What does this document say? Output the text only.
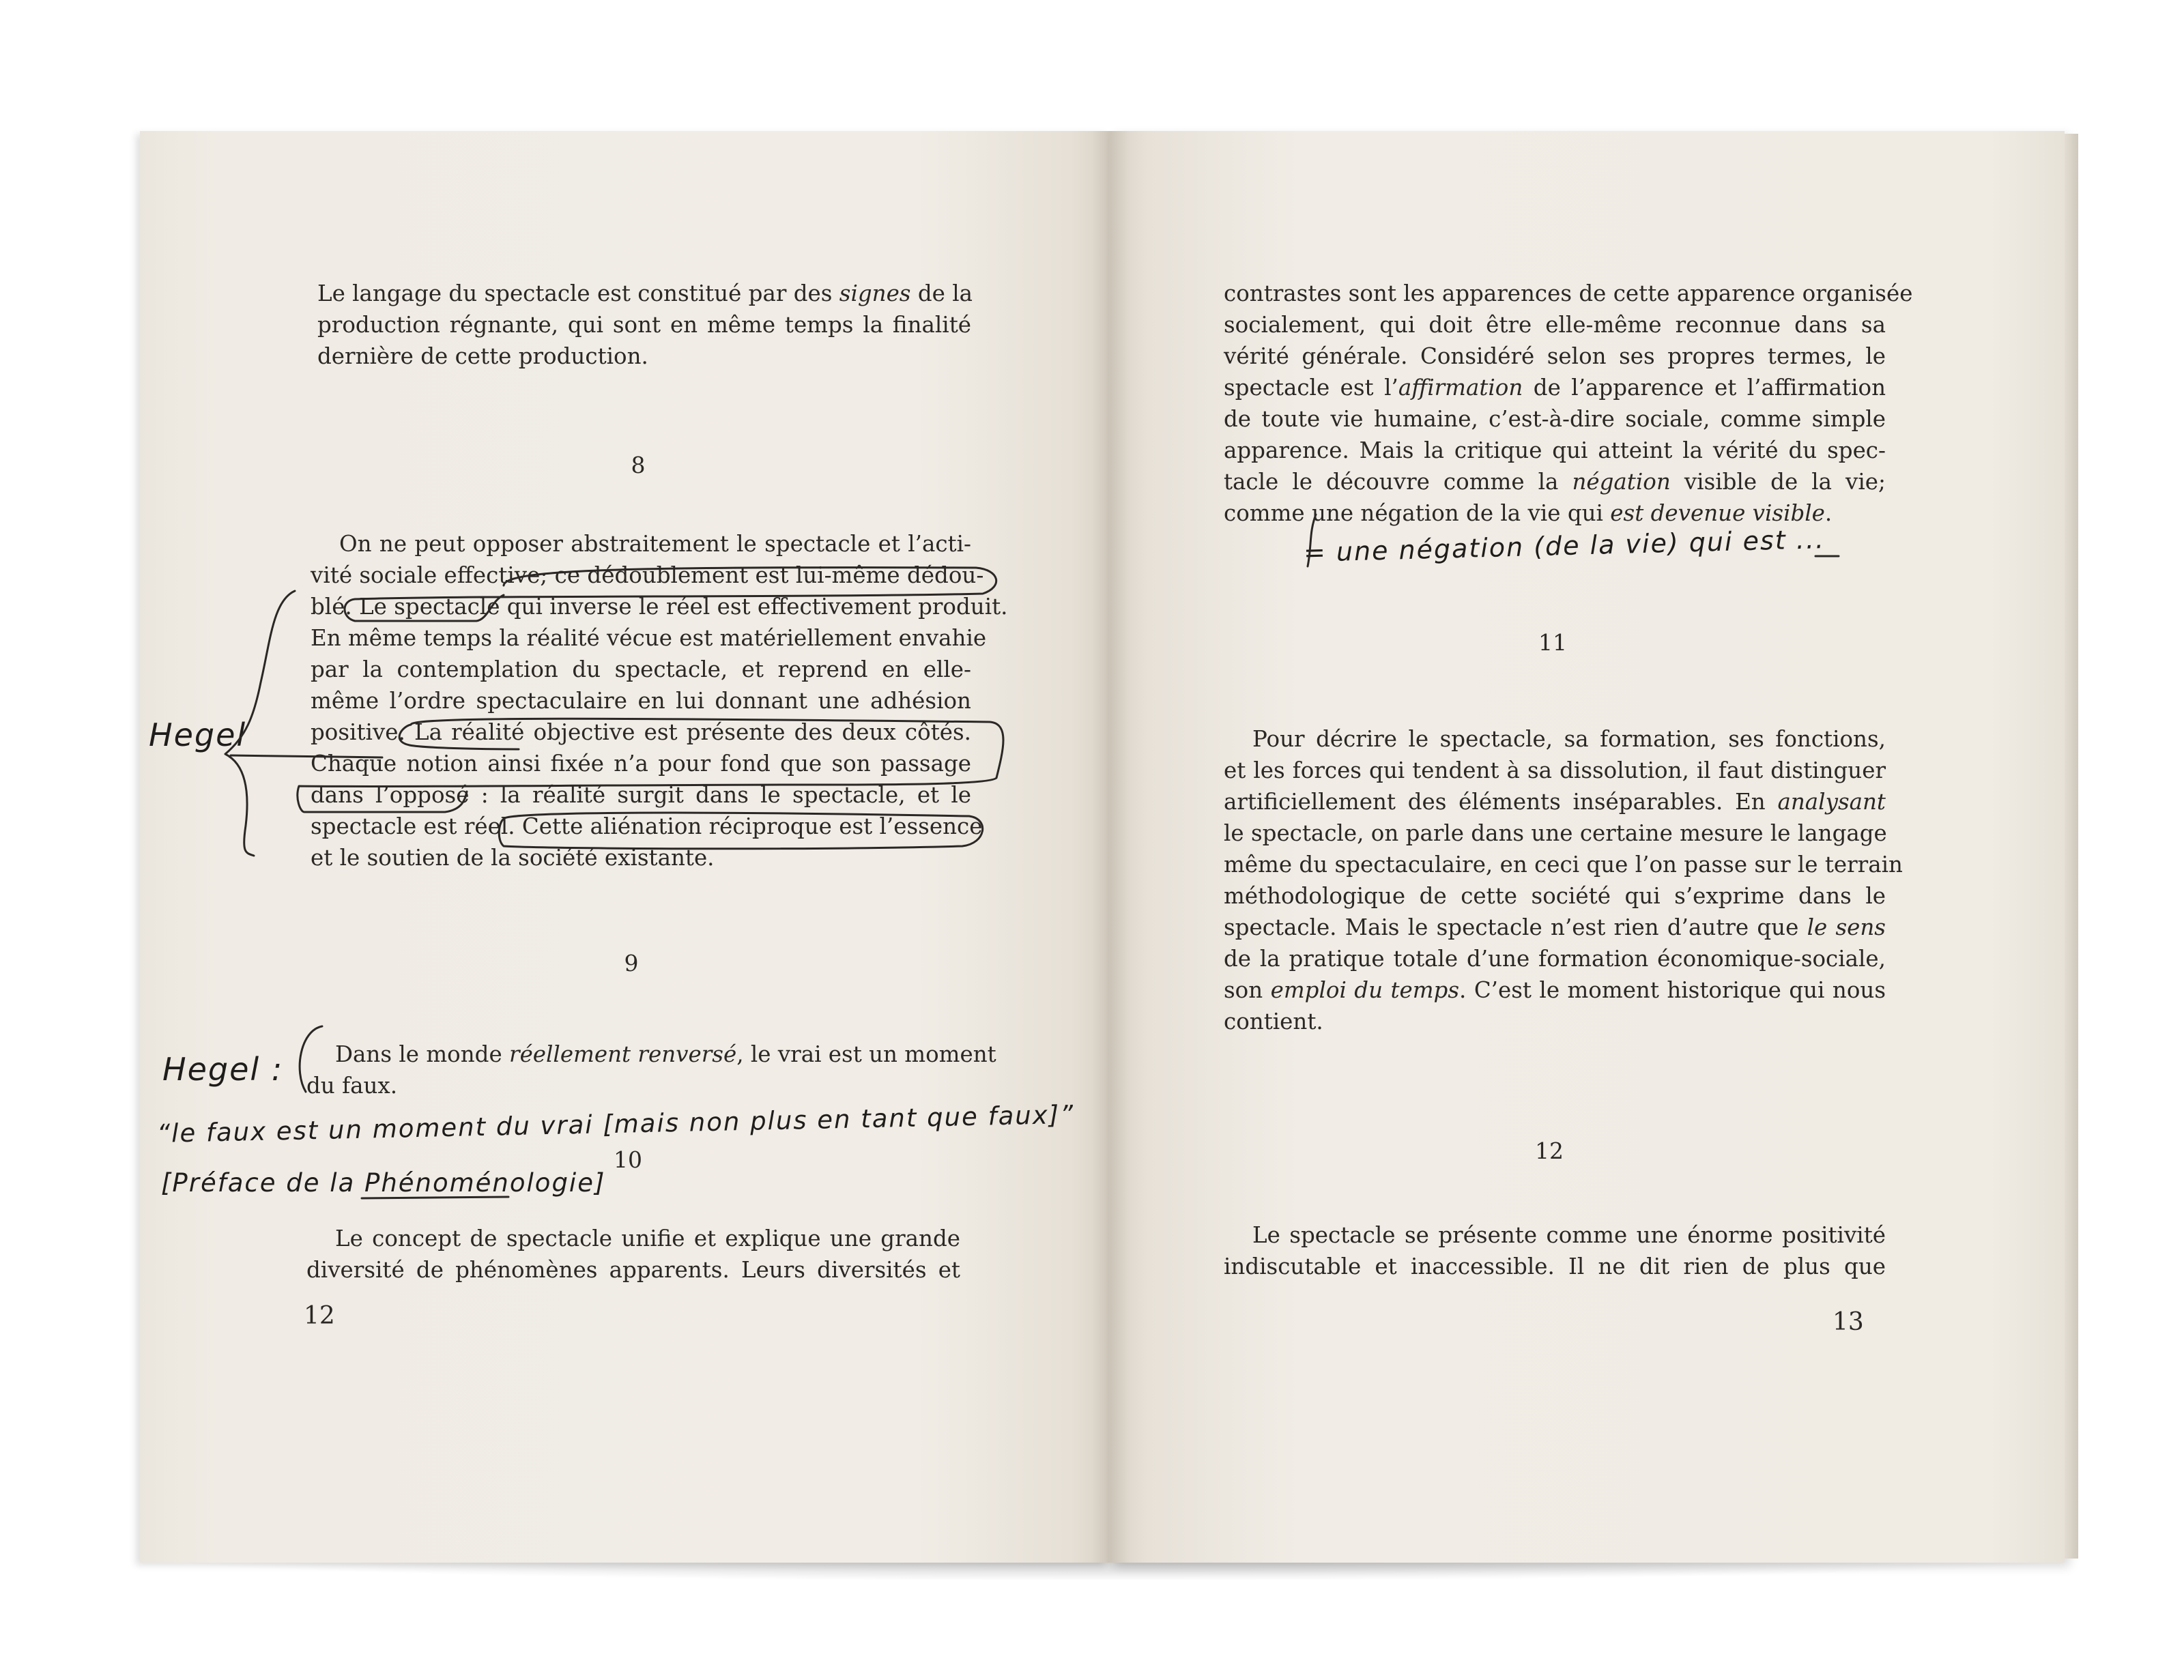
Le langage du spectacle est constitué par des signes de la
production régnante, qui sont en même temps la finalité
dernière de cette production.
8
On ne peut opposer abstraitement le spectacle et l’acti-
vité sociale effective; ce dédoublement est lui-même dédou-
blé. Le spectacle qui inverse le réel est effectivement produit.
En même temps la réalité vécue est matériellement envahie
par la contemplation du spectacle, et reprend en elle-
même l’ordre spectaculaire en lui donnant une adhésion
positive. La réalité objective est présente des deux côtés.
Chaque notion ainsi fixée n’a pour fond que son passage
dans l’opposé : la réalité surgit dans le spectacle, et le
spectacle est réel. Cette aliénation réciproque est l’essence
et le soutien de la société existante.
9
Dans le monde réellement renversé, le vrai est un moment
du faux.
10
Le concept de spectacle unifie et explique une grande
diversité de phénomènes apparents. Leurs diversités et
12
contrastes sont les apparences de cette apparence organisée
socialement, qui doit être elle-même reconnue dans sa
vérité générale. Considéré selon ses propres termes, le
spectacle est l’affirmation de l’apparence et l’affirmation
de toute vie humaine, c’est-à-dire sociale, comme simple
apparence. Mais la critique qui atteint la vérité du spec-
tacle le découvre comme la négation visible de la vie;
comme une négation de la vie qui est devenue visible.
11
Pour décrire le spectacle, sa formation, ses fonctions,
et les forces qui tendent à sa dissolution, il faut distinguer
artificiellement des éléments inséparables. En analysant
le spectacle, on parle dans une certaine mesure le langage
même du spectaculaire, en ceci que l’on passe sur le terrain
méthodologique de cette société qui s’exprime dans le
spectacle. Mais le spectacle n’est rien d’autre que le sens
de la pratique totale d’une formation économique-sociale,
son emploi du temps. C’est le moment historique qui nous
contient.
12
Le spectacle se présente comme une énorme positivité
indiscutable et inaccessible. Il ne dit rien de plus que
13
Hegel
Hegel :
“le faux est un moment du vrai [mais non plus en tant que faux]”
[Préface de la Phénoménologie]
= une négation (de la vie) qui est ...
